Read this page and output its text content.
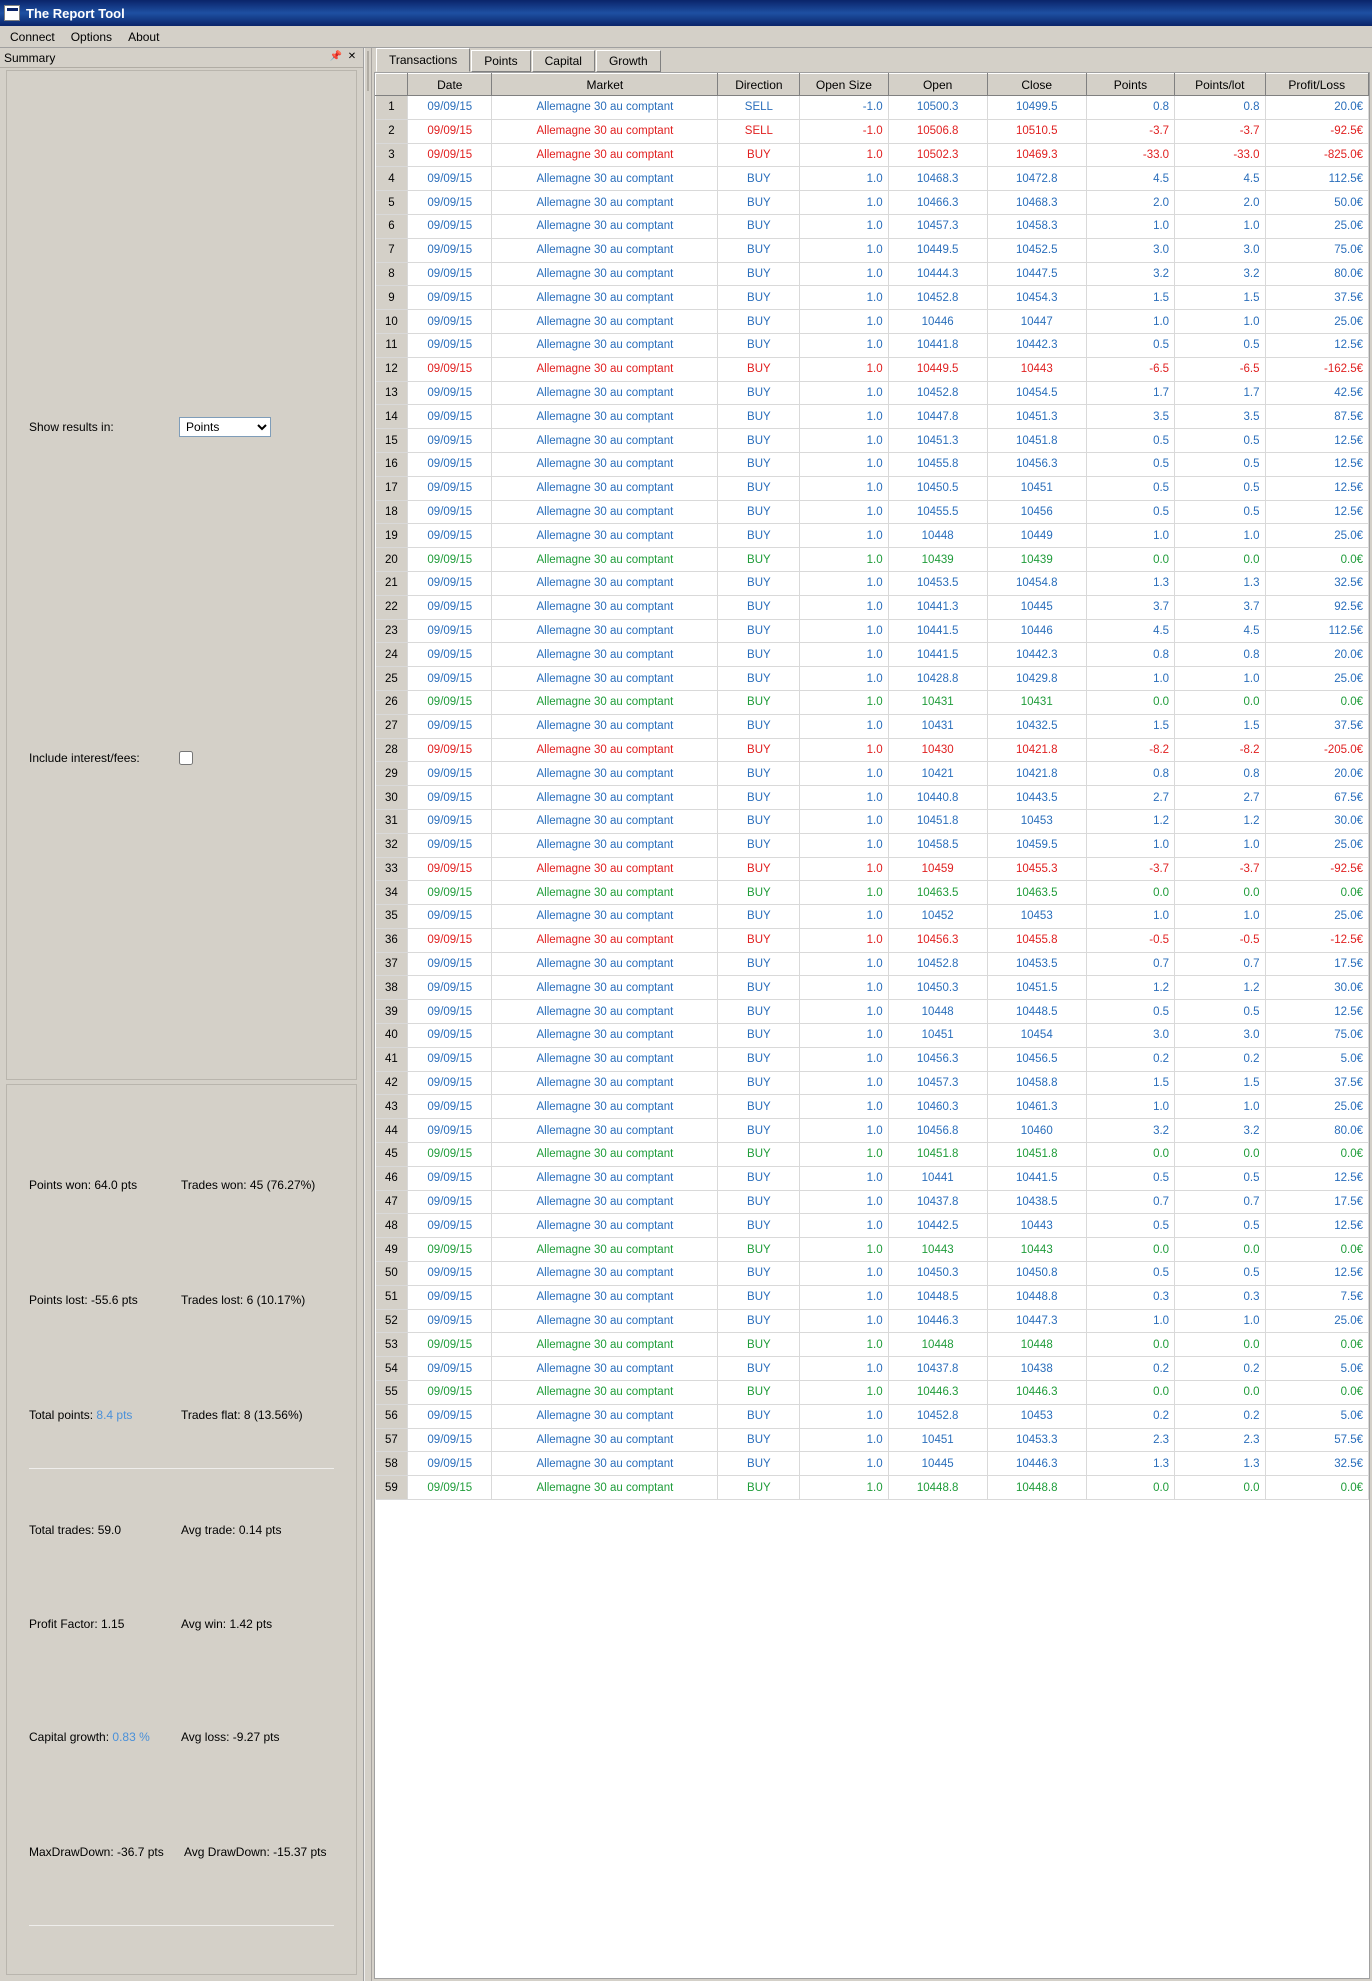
The Report Tool
Connect	Options	About
Summary	📌 ✕
Show results in:
Points
Include interest/fees:
Points won: 64.0 pts	Trades won: 45 (76.27%)
Points lost: -55.6 pts	Trades lost: 6 (10.17%)
Total points: 8.4 pts	Trades flat: 8 (13.56%)
Total trades: 59.0	Avg trade: 0.14 pts
Profit Factor: 1.15	Avg win: 1.42 pts
Capital growth: 0.83 %	Avg loss: -9.27 pts
MaxDrawDown: -36.7 pts	Avg DrawDown: -15.37 pts
Transactions	Points	Capital	Growth
	Date	Market	Direction	Open Size	Open	Close	Points	Points/lot	Profit/Loss
1	09/09/15	Allemagne 30 au comptant	SELL	-1.0	10500.3	10499.5	0.8	0.8	20.0€
2	09/09/15	Allemagne 30 au comptant	SELL	-1.0	10506.8	10510.5	-3.7	-3.7	-92.5€
3	09/09/15	Allemagne 30 au comptant	BUY	1.0	10502.3	10469.3	-33.0	-33.0	-825.0€
4	09/09/15	Allemagne 30 au comptant	BUY	1.0	10468.3	10472.8	4.5	4.5	112.5€
5	09/09/15	Allemagne 30 au comptant	BUY	1.0	10466.3	10468.3	2.0	2.0	50.0€
6	09/09/15	Allemagne 30 au comptant	BUY	1.0	10457.3	10458.3	1.0	1.0	25.0€
7	09/09/15	Allemagne 30 au comptant	BUY	1.0	10449.5	10452.5	3.0	3.0	75.0€
8	09/09/15	Allemagne 30 au comptant	BUY	1.0	10444.3	10447.5	3.2	3.2	80.0€
9	09/09/15	Allemagne 30 au comptant	BUY	1.0	10452.8	10454.3	1.5	1.5	37.5€
10	09/09/15	Allemagne 30 au comptant	BUY	1.0	10446	10447	1.0	1.0	25.0€
11	09/09/15	Allemagne 30 au comptant	BUY	1.0	10441.8	10442.3	0.5	0.5	12.5€
12	09/09/15	Allemagne 30 au comptant	BUY	1.0	10449.5	10443	-6.5	-6.5	-162.5€
13	09/09/15	Allemagne 30 au comptant	BUY	1.0	10452.8	10454.5	1.7	1.7	42.5€
14	09/09/15	Allemagne 30 au comptant	BUY	1.0	10447.8	10451.3	3.5	3.5	87.5€
15	09/09/15	Allemagne 30 au comptant	BUY	1.0	10451.3	10451.8	0.5	0.5	12.5€
16	09/09/15	Allemagne 30 au comptant	BUY	1.0	10455.8	10456.3	0.5	0.5	12.5€
17	09/09/15	Allemagne 30 au comptant	BUY	1.0	10450.5	10451	0.5	0.5	12.5€
18	09/09/15	Allemagne 30 au comptant	BUY	1.0	10455.5	10456	0.5	0.5	12.5€
19	09/09/15	Allemagne 30 au comptant	BUY	1.0	10448	10449	1.0	1.0	25.0€
20	09/09/15	Allemagne 30 au comptant	BUY	1.0	10439	10439	0.0	0.0	0.0€
21	09/09/15	Allemagne 30 au comptant	BUY	1.0	10453.5	10454.8	1.3	1.3	32.5€
22	09/09/15	Allemagne 30 au comptant	BUY	1.0	10441.3	10445	3.7	3.7	92.5€
23	09/09/15	Allemagne 30 au comptant	BUY	1.0	10441.5	10446	4.5	4.5	112.5€
24	09/09/15	Allemagne 30 au comptant	BUY	1.0	10441.5	10442.3	0.8	0.8	20.0€
25	09/09/15	Allemagne 30 au comptant	BUY	1.0	10428.8	10429.8	1.0	1.0	25.0€
26	09/09/15	Allemagne 30 au comptant	BUY	1.0	10431	10431	0.0	0.0	0.0€
27	09/09/15	Allemagne 30 au comptant	BUY	1.0	10431	10432.5	1.5	1.5	37.5€
28	09/09/15	Allemagne 30 au comptant	BUY	1.0	10430	10421.8	-8.2	-8.2	-205.0€
29	09/09/15	Allemagne 30 au comptant	BUY	1.0	10421	10421.8	0.8	0.8	20.0€
30	09/09/15	Allemagne 30 au comptant	BUY	1.0	10440.8	10443.5	2.7	2.7	67.5€
31	09/09/15	Allemagne 30 au comptant	BUY	1.0	10451.8	10453	1.2	1.2	30.0€
32	09/09/15	Allemagne 30 au comptant	BUY	1.0	10458.5	10459.5	1.0	1.0	25.0€
33	09/09/15	Allemagne 30 au comptant	BUY	1.0	10459	10455.3	-3.7	-3.7	-92.5€
34	09/09/15	Allemagne 30 au comptant	BUY	1.0	10463.5	10463.5	0.0	0.0	0.0€
35	09/09/15	Allemagne 30 au comptant	BUY	1.0	10452	10453	1.0	1.0	25.0€
36	09/09/15	Allemagne 30 au comptant	BUY	1.0	10456.3	10455.8	-0.5	-0.5	-12.5€
37	09/09/15	Allemagne 30 au comptant	BUY	1.0	10452.8	10453.5	0.7	0.7	17.5€
38	09/09/15	Allemagne 30 au comptant	BUY	1.0	10450.3	10451.5	1.2	1.2	30.0€
39	09/09/15	Allemagne 30 au comptant	BUY	1.0	10448	10448.5	0.5	0.5	12.5€
40	09/09/15	Allemagne 30 au comptant	BUY	1.0	10451	10454	3.0	3.0	75.0€
41	09/09/15	Allemagne 30 au comptant	BUY	1.0	10456.3	10456.5	0.2	0.2	5.0€
42	09/09/15	Allemagne 30 au comptant	BUY	1.0	10457.3	10458.8	1.5	1.5	37.5€
43	09/09/15	Allemagne 30 au comptant	BUY	1.0	10460.3	10461.3	1.0	1.0	25.0€
44	09/09/15	Allemagne 30 au comptant	BUY	1.0	10456.8	10460	3.2	3.2	80.0€
45	09/09/15	Allemagne 30 au comptant	BUY	1.0	10451.8	10451.8	0.0	0.0	0.0€
46	09/09/15	Allemagne 30 au comptant	BUY	1.0	10441	10441.5	0.5	0.5	12.5€
47	09/09/15	Allemagne 30 au comptant	BUY	1.0	10437.8	10438.5	0.7	0.7	17.5€
48	09/09/15	Allemagne 30 au comptant	BUY	1.0	10442.5	10443	0.5	0.5	12.5€
49	09/09/15	Allemagne 30 au comptant	BUY	1.0	10443	10443	0.0	0.0	0.0€
50	09/09/15	Allemagne 30 au comptant	BUY	1.0	10450.3	10450.8	0.5	0.5	12.5€
51	09/09/15	Allemagne 30 au comptant	BUY	1.0	10448.5	10448.8	0.3	0.3	7.5€
52	09/09/15	Allemagne 30 au comptant	BUY	1.0	10446.3	10447.3	1.0	1.0	25.0€
53	09/09/15	Allemagne 30 au comptant	BUY	1.0	10448	10448	0.0	0.0	0.0€
54	09/09/15	Allemagne 30 au comptant	BUY	1.0	10437.8	10438	0.2	0.2	5.0€
55	09/09/15	Allemagne 30 au comptant	BUY	1.0	10446.3	10446.3	0.0	0.0	0.0€
56	09/09/15	Allemagne 30 au comptant	BUY	1.0	10452.8	10453	0.2	0.2	5.0€
57	09/09/15	Allemagne 30 au comptant	BUY	1.0	10451	10453.3	2.3	2.3	57.5€
58	09/09/15	Allemagne 30 au comptant	BUY	1.0	10445	10446.3	1.3	1.3	32.5€
59	09/09/15	Allemagne 30 au comptant	BUY	1.0	10448.8	10448.8	0.0	0.0	0.0€
